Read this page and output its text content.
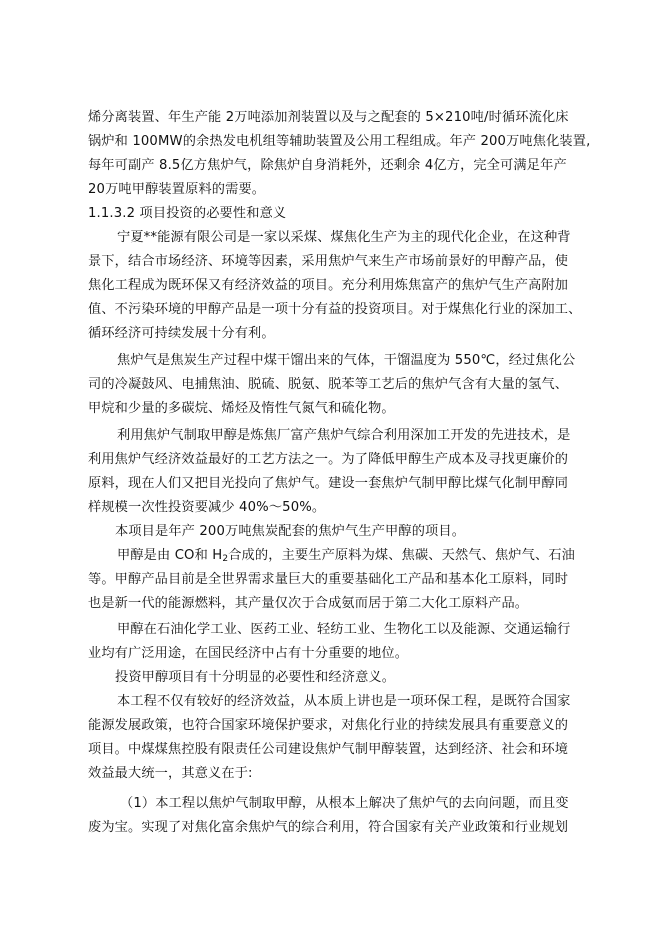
烯分离装置、年生产能 2万吨添加剂装置以及与之配套的 5×210吨/时循环流化床
锅炉和 100MW的余热发电机组等辅助装置及公用工程组成。年产 200万吨焦化装置,
每年可副产 8.5亿方焦炉气，除焦炉自身消耗外，还剩余 4亿方，完全可满足年产
20万吨甲醇装置原料的需要。
1.1.3.2 项目投资的必要性和意义
宁夏**能源有限公司是一家以采煤、煤焦化生产为主的现代化企业，在这种背
景下，结合市场经济、环境等因素，采用焦炉气来生产市场前景好的甲醇产品，使
焦化工程成为既环保又有经济效益的项目。充分利用炼焦富产的焦炉气生产高附加
值、不污染环境的甲醇产品是一项十分有益的投资项目。对于煤焦化行业的深加工、
循环经济可持续发展十分有利。
焦炉气是焦炭生产过程中煤干馏出来的气体，干馏温度为 550℃，经过焦化公
司的冷凝鼓风、电捕焦油、脱硫、脱氨、脱苯等工艺后的焦炉气含有大量的氢气、
甲烷和少量的多碳烷、烯烃及惰性气氮气和硫化物。
利用焦炉气制取甲醇是炼焦厂富产焦炉气综合利用深加工开发的先进技术，是
利用焦炉气经济效益最好的工艺方法之一。为了降低甲醇生产成本及寻找更廉价的
原料，现在人们又把目光投向了焦炉气。建设一套焦炉气制甲醇比煤气化制甲醇同
样规模一次性投资要减少 40%～50%。
本项目是年产 200万吨焦炭配套的焦炉气生产甲醇的项目。
甲醇是由 CO和 $H_2$合成的，主要生产原料为煤、焦碳、天然气、焦炉气、石油
等。甲醇产品目前是全世界需求量巨大的重要基础化工产品和基本化工原料，同时
也是新一代的能源燃料，其产量仅次于合成氨而居于第二大化工原料产品。
甲醇在石油化学工业、医药工业、轻纺工业、生物化工以及能源、交通运输行
业均有广泛用途，在国民经济中占有十分重要的地位。
投资甲醇项目有十分明显的必要性和经济意义。
本工程不仅有较好的经济效益，从本质上讲也是一项环保工程，是既符合国家
能源发展政策，也符合国家环境保护要求，对焦化行业的持续发展具有重要意义的
项目。中煤煤焦控股有限责任公司建设焦炉气制甲醇装置，达到经济、社会和环境
效益最大统一，其意义在于:
（1）本工程以焦炉气制取甲醇，从根本上解决了焦炉气的去向问题，而且变
废为宝。实现了对焦化富余焦炉气的综合利用，符合国家有关产业政策和行业规划
